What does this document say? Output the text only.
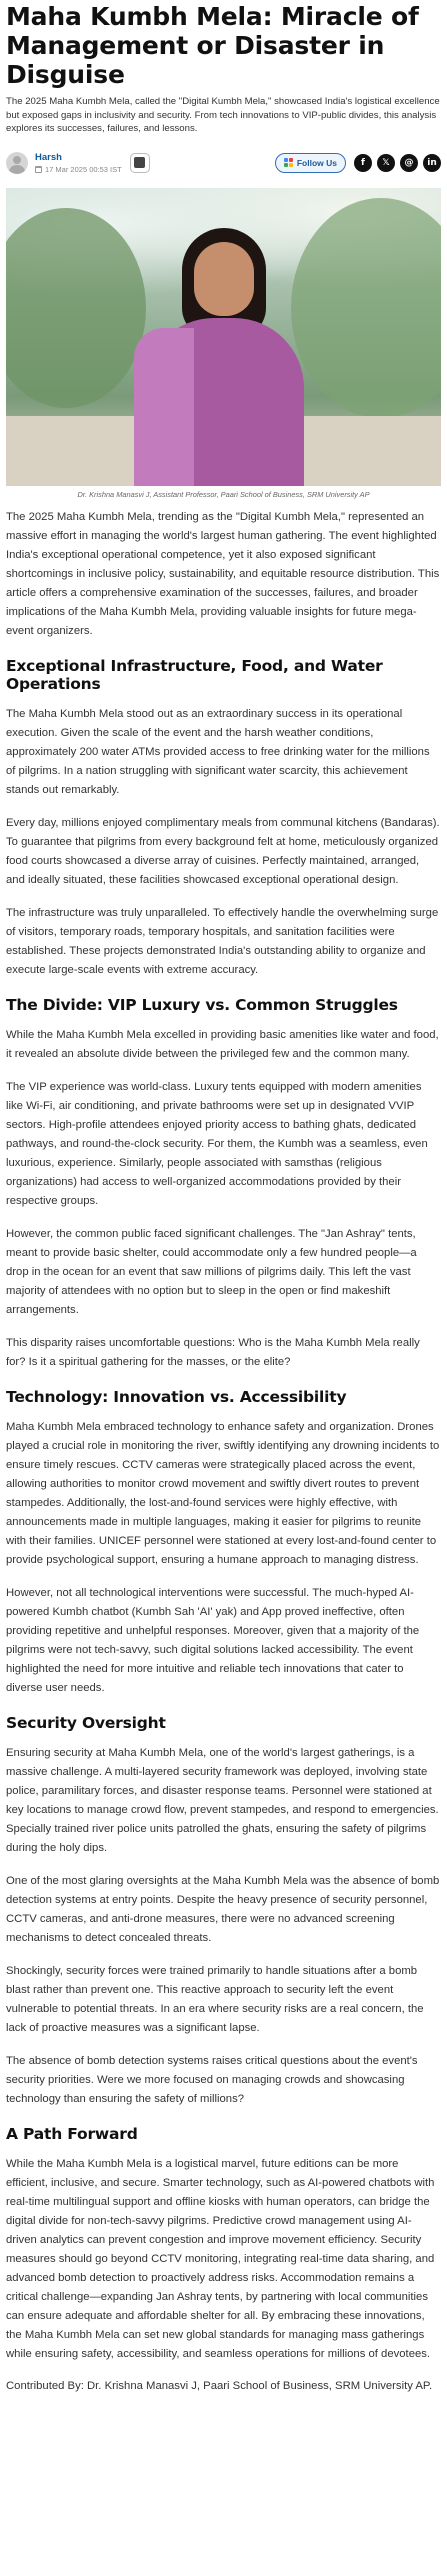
Maha Kumbh Mela: Miracle of Management or Disaster in Disguise

The 2025 Maha Kumbh Mela, called the "Digital Kumbh Mela," showcased India's logistical excellence but exposed gaps in inclusivity and security. From tech innovations to VIP-public divides, this analysis explores its successes, failures, and lessons.

Harsh
17 Mar 2025 00:53 IST
Follow Us	f	𝕏	@	in

Dr. Krishna Manasvi J, Assistant Professor, Paari School of Business, SRM University AP

The 2025 Maha Kumbh Mela, trending as the "Digital Kumbh Mela," represented an massive effort in managing the world's largest human gathering. The event highlighted India's exceptional operational competence, yet it also exposed significant shortcomings in inclusive policy, sustainability, and equitable resource distribution. This article offers a comprehensive examination of the successes, failures, and broader implications of the Maha Kumbh Mela, providing valuable insights for future mega-event organizers.

Exceptional Infrastructure, Food, and Water Operations

The Maha Kumbh Mela stood out as an extraordinary success in its operational execution. Given the scale of the event and the harsh weather conditions, approximately 200 water ATMs provided access to free drinking water for the millions of pilgrims. In a nation struggling with significant water scarcity, this achievement stands out remarkably.

Every day, millions enjoyed complimentary meals from communal kitchens (Bandaras). To guarantee that pilgrims from every background felt at home, meticulously organized food courts showcased a diverse array of cuisines. Perfectly maintained, arranged, and ideally situated, these facilities showcased exceptional operational design.

The infrastructure was truly unparalleled. To effectively handle the overwhelming surge of visitors, temporary roads, temporary hospitals, and sanitation facilities were established. These projects demonstrated India's outstanding ability to organize and execute large-scale events with extreme accuracy.

The Divide: VIP Luxury vs. Common Struggles

While the Maha Kumbh Mela excelled in providing basic amenities like water and food, it revealed an absolute divide between the privileged few and the common many.

The VIP experience was world-class. Luxury tents equipped with modern amenities like Wi-Fi, air conditioning, and private bathrooms were set up in designated VVIP sectors. High-profile attendees enjoyed priority access to bathing ghats, dedicated pathways, and round-the-clock security. For them, the Kumbh was a seamless, even luxurious, experience. Similarly, people associated with samsthas (religious organizations) had access to well-organized accommodations provided by their respective groups.

However, the common public faced significant challenges. The "Jan Ashray" tents, meant to provide basic shelter, could accommodate only a few hundred people—a drop in the ocean for an event that saw millions of pilgrims daily. This left the vast majority of attendees with no option but to sleep in the open or find makeshift arrangements.

This disparity raises uncomfortable questions: Who is the Maha Kumbh Mela really for? Is it a spiritual gathering for the masses, or the elite?

Technology: Innovation vs. Accessibility

Maha Kumbh Mela embraced technology to enhance safety and organization. Drones played a crucial role in monitoring the river, swiftly identifying any drowning incidents to ensure timely rescues. CCTV cameras were strategically placed across the event, allowing authorities to monitor crowd movement and swiftly divert routes to prevent stampedes. Additionally, the lost-and-found services were highly effective, with announcements made in multiple languages, making it easier for pilgrims to reunite with their families. UNICEF personnel were stationed at every lost-and-found center to provide psychological support, ensuring a humane approach to managing distress.

However, not all technological interventions were successful. The much-hyped AI-powered Kumbh chatbot (Kumbh Sah 'AI' yak) and App proved ineffective, often providing repetitive and unhelpful responses. Moreover, given that a majority of the pilgrims were not tech-savvy, such digital solutions lacked accessibility. The event highlighted the need for more intuitive and reliable tech innovations that cater to diverse user needs.

Security Oversight

Ensuring security at Maha Kumbh Mela, one of the world's largest gatherings, is a massive challenge. A multi-layered security framework was deployed, involving state police, paramilitary forces, and disaster response teams. Personnel were stationed at key locations to manage crowd flow, prevent stampedes, and respond to emergencies. Specially trained river police units patrolled the ghats, ensuring the safety of pilgrims during the holy dips.

One of the most glaring oversights at the Maha Kumbh Mela was the absence of bomb detection systems at entry points. Despite the heavy presence of security personnel, CCTV cameras, and anti-drone measures, there were no advanced screening mechanisms to detect concealed threats.

Shockingly, security forces were trained primarily to handle situations after a bomb blast rather than prevent one. This reactive approach to security left the event vulnerable to potential threats. In an era where security risks are a real concern, the lack of proactive measures was a significant lapse.

The absence of bomb detection systems raises critical questions about the event's security priorities. Were we more focused on managing crowds and showcasing technology than ensuring the safety of millions?

A Path Forward

While the Maha Kumbh Mela is a logistical marvel, future editions can be more efficient, inclusive, and secure. Smarter technology, such as AI-powered chatbots with real-time multilingual support and offline kiosks with human operators, can bridge the digital divide for non-tech-savvy pilgrims. Predictive crowd management using AI-driven analytics can prevent congestion and improve movement efficiency. Security measures should go beyond CCTV monitoring, integrating real-time data sharing, and advanced bomb detection to proactively address risks. Accommodation remains a critical challenge—expanding Jan Ashray tents, by partnering with local communities can ensure adequate and affordable shelter for all. By embracing these innovations, the Maha Kumbh Mela can set new global standards for managing mass gatherings while ensuring safety, accessibility, and seamless operations for millions of devotees.

Contributed By: Dr. Krishna Manasvi J, Paari School of Business, SRM University AP.
